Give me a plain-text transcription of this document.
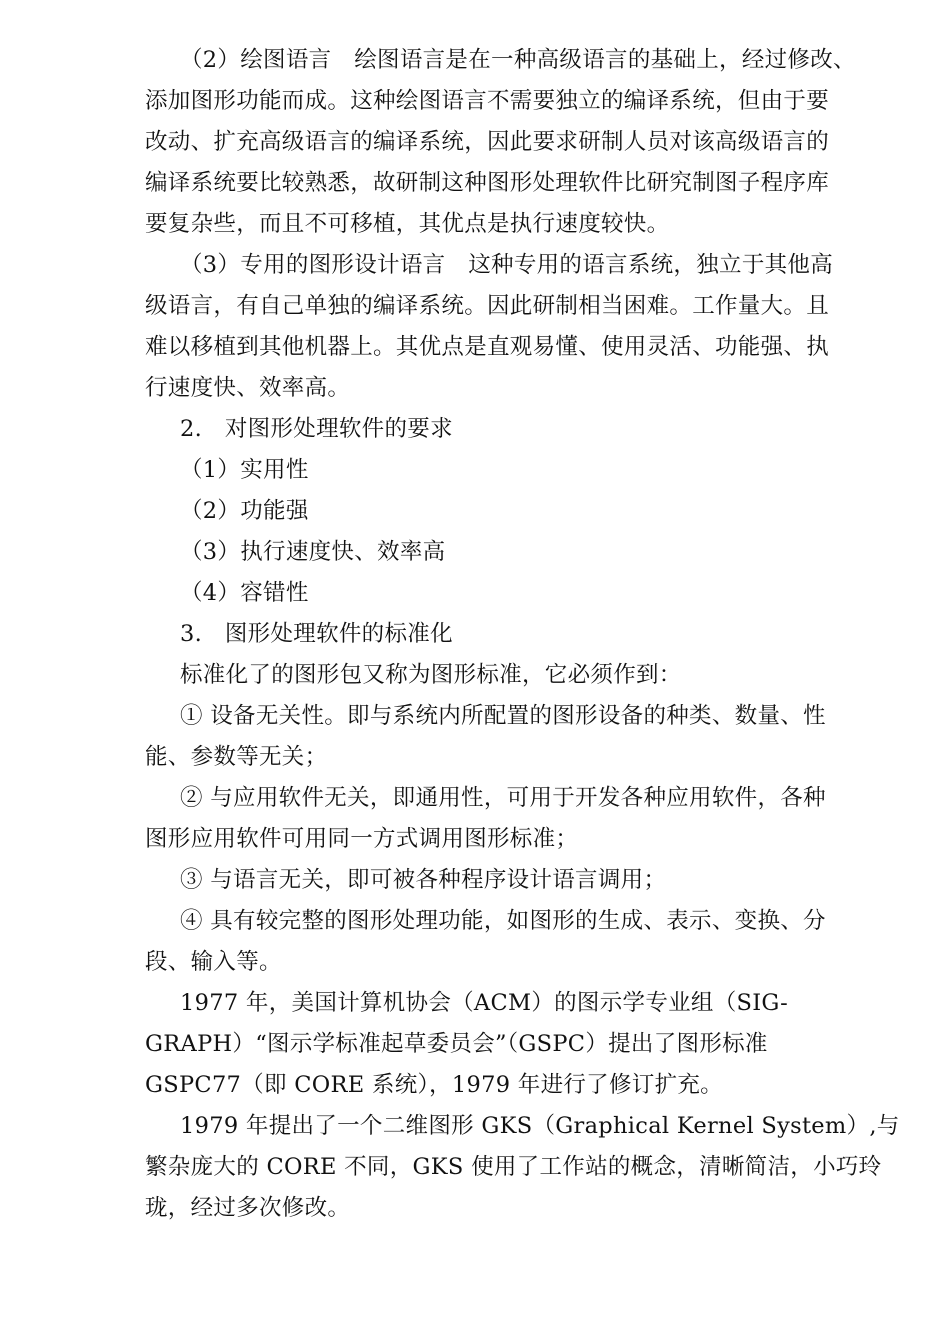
（2）绘图语言　绘图语言是在一种高级语言的基础上，经过修改、
添加图形功能而成。这种绘图语言不需要独立的编译系统，但由于要
改动、扩充高级语言的编译系统，因此要求研制人员对该高级语言的
编译系统要比较熟悉，故研制这种图形处理软件比研究制图子程序库
要复杂些，而且不可移植，其优点是执行速度较快。
（3）专用的图形设计语言　这种专用的语言系统，独立于其他高
级语言，有自己单独的编译系统。因此研制相当困难。工作量大。且
难以移植到其他机器上。其优点是直观易懂、使用灵活、功能强、执
行速度快、效率高。
2.　对图形处理软件的要求
（1）实用性
（2）功能强
（3）执行速度快、效率高
（4）容错性
3.　图形处理软件的标准化
标准化了的图形包又称为图形标准，它必须作到：
① 设备无关性。即与系统内所配置的图形设备的种类、数量、性
能、参数等无关；
② 与应用软件无关，即通用性，可用于开发各种应用软件，各种
图形应用软件可用同一方式调用图形标准；
③ 与语言无关，即可被各种程序设计语言调用；
④ 具有较完整的图形处理功能，如图形的生成、表示、变换、分
段、输入等。
1977 年，美国计算机协会（ACM）的图示学专业组（SIG-
GRAPH）“图示学标准起草委员会”（GSPC）提出了图形标准
GSPC77（即 CORE 系统），1979 年进行了修订扩充。
1979 年提出了一个二维图形 GKS（Graphical Kernel System）,与
繁杂庞大的 CORE 不同，GKS 使用了工作站的概念，清晰简洁，小巧玲
珑，经过多次修改。
